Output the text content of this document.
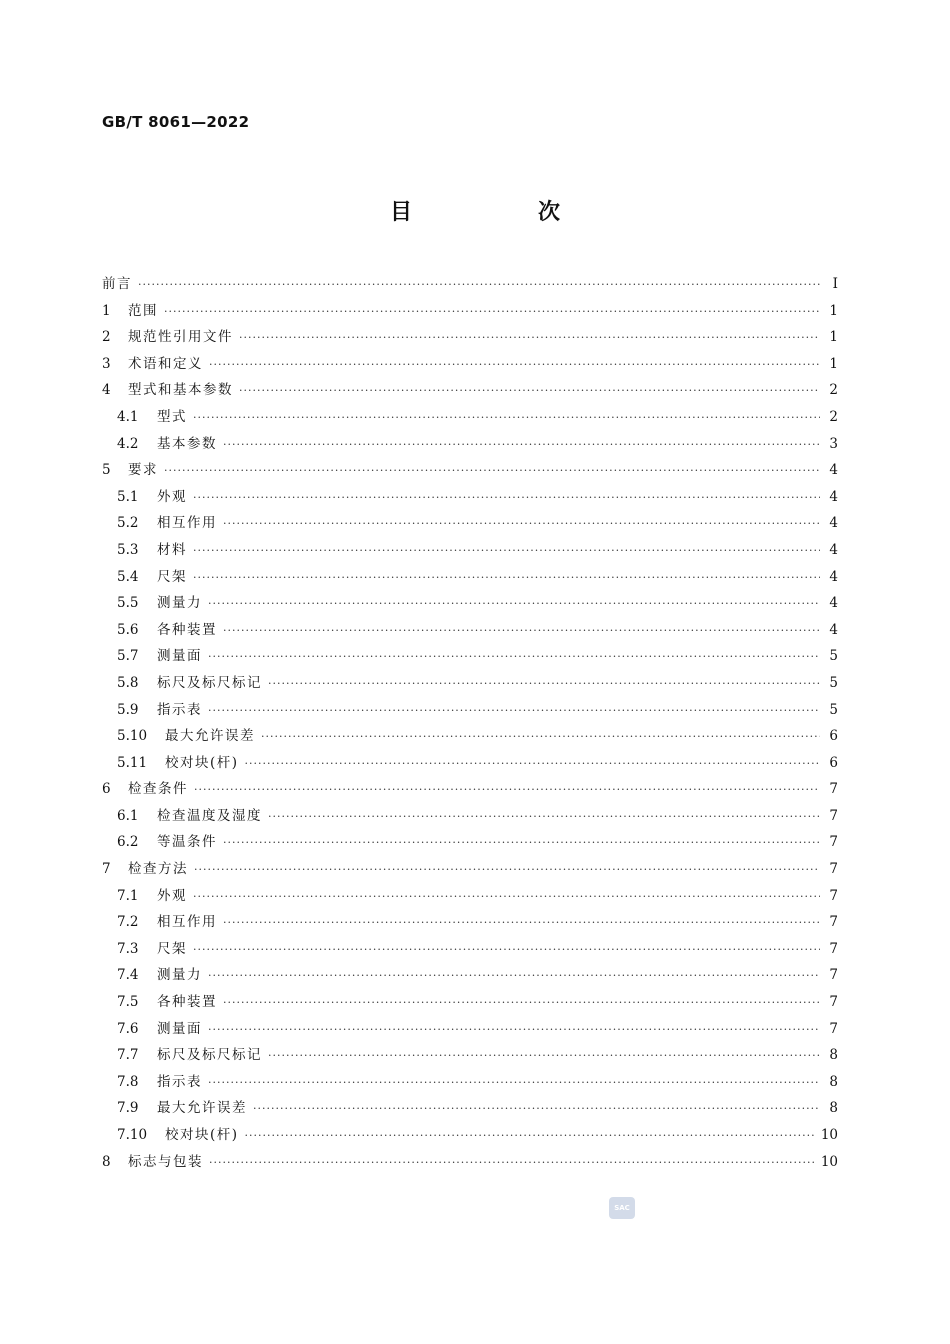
GB/T 8061—2022
目　次
前言 ·····	Ⅰ
1	范围 ·····	1
2	规范性引用文件 ·····	1
3	术语和定义 ·····	1
4	型式和基本参数 ·····	2
4.1	型式 ·····	2
4.2	基本参数 ·····	3
5	要求 ·····	4
5.1	外观 ·····	4
5.2	相互作用 ·····	4
5.3	材料 ·····	4
5.4	尺架 ·····	4
5.5	测量力 ·····	4
5.6	各种装置 ·····	4
5.7	测量面 ·····	5
5.8	标尺及标尺标记 ·····	5
5.9	指示表 ·····	5
5.10	最大允许误差 ·····	6
5.11	校对块(杆) ·····	6
6	检查条件 ·····	7
6.1	检查温度及湿度 ·····	7
6.2	等温条件 ·····	7
7	检查方法 ·····	7
7.1	外观 ·····	7
7.2	相互作用 ·····	7
7.3	尺架 ·····	7
7.4	测量力 ·····	7
7.5	各种装置 ·····	7
7.6	测量面 ·····	7
7.7	标尺及标尺标记 ·····	8
7.8	指示表 ·····	8
7.9	最大允许误差 ·····	8
7.10	校对块(杆) ·····	10
8	标志与包装 ·····	10
SAC
